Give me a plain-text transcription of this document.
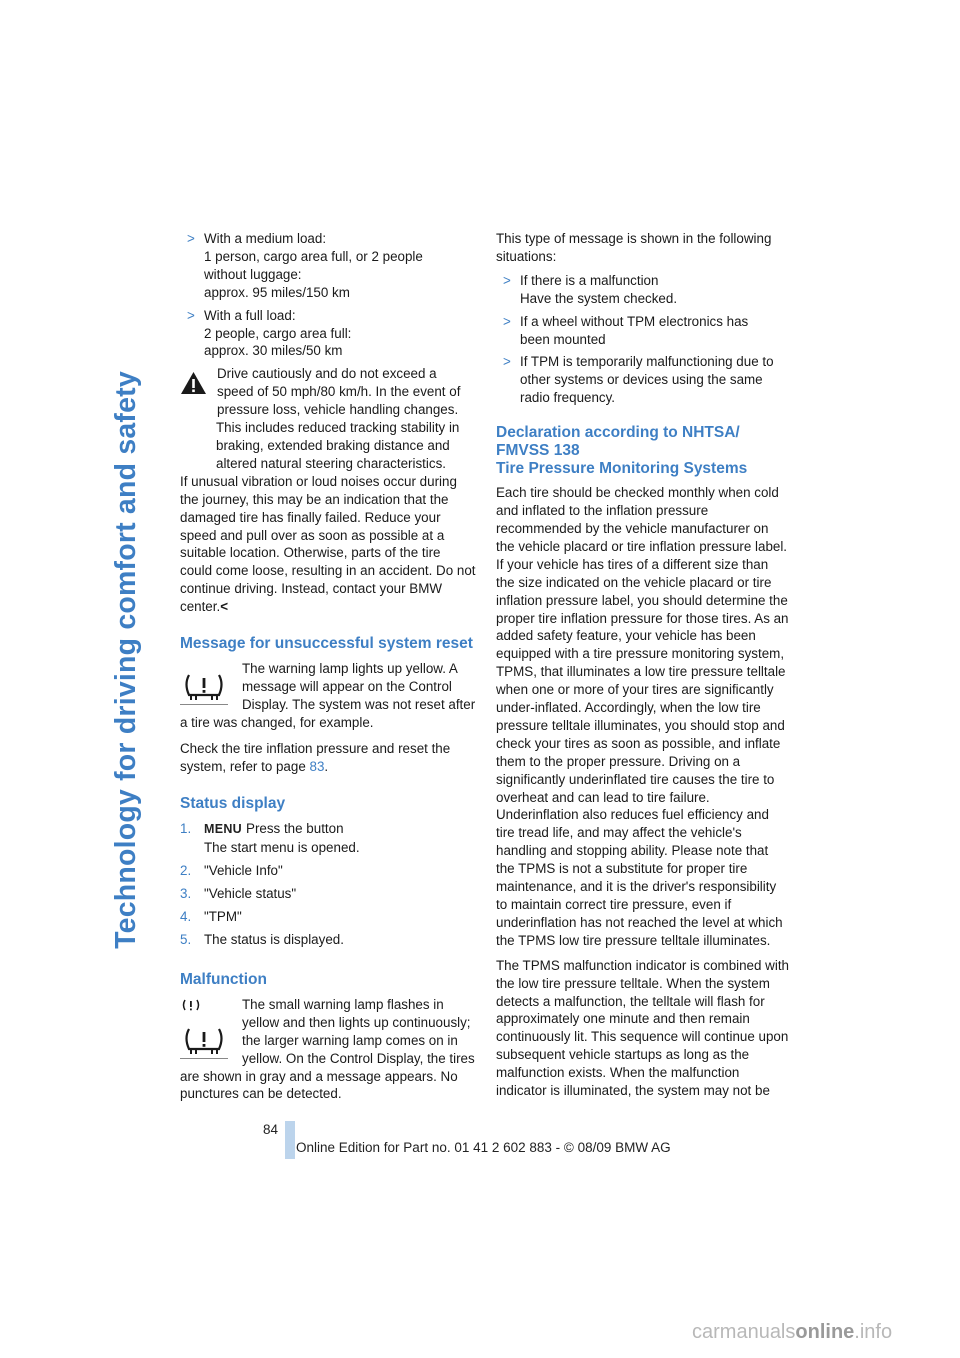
Technology for driving comfort and safety
> With a medium load:
1 person, cargo area full, or 2 people
without luggage:
approx. 95 miles/150 km
> With a full load:
2 people, cargo area full:
approx. 30 miles/50 km
Drive cautiously and do not exceed a speed of 50 mph/80 km/h. In the event of pressure loss, vehicle handling changes. This includes reduced tracking stability in braking, extended braking distance and altered natural steering characteristics.
If unusual vibration or loud noises occur during the journey, this may be an indication that the damaged tire has finally failed. Reduce your speed and pull over as soon as possible at a suitable location. Otherwise, parts of the tire could come loose, resulting in an accident. Do not continue driving. Instead, contact your BMW center.<
Message for unsuccessful system reset

The warning lamp lights up yellow. A message will appear on the Control Display. The system was not reset after a tire was changed, for example.

Check the tire inflation pressure and reset the system, refer to page 83.

Status display
1. MENU Press the button
The start menu is opened.
2. "Vehicle Info"
3. "Vehicle status"
4. "TPM"
5. The status is displayed.
Malfunction

The small warning lamp flashes in yellow and then lights up continuously; the larger warning lamp comes on in yellow. On the Control Display, the tires are shown in gray and a message appears. No punctures can be detected.

This type of message is shown in the following situations:

> If there is a malfunction
Have the system checked.
> If a wheel without TPM electronics has
been mounted
> If TPM is temporarily malfunctioning due to
other systems or devices using the same
radio frequency.
Declaration according to NHTSA/
FMVSS 138
Tire Pressure Monitoring Systems

Each tire should be checked monthly when cold and inflated to the inflation pressure recommended by the vehicle manufacturer on the vehicle placard or tire inflation pressure label. If your vehicle has tires of a different size than the size indicated on the vehicle placard or tire inflation pressure label, you should determine the proper tire inflation pressure for those tires. As an added safety feature, your vehicle has been equipped with a tire pressure monitoring system, TPMS, that illuminates a low tire pressure telltale when one or more of your tires are significantly under-inflated. Accordingly, when the low tire pressure telltale illuminates, you should stop and check your tires as soon as possible, and inflate them to the proper pressure. Driving on a significantly underinflated tire causes the tire to overheat and can lead to tire failure. Underinflation also reduces fuel efficiency and tire tread life, and may affect the vehicle's handling and stopping ability. Please note that the TPMS is not a substitute for proper tire maintenance, and it is the driver's responsibility to maintain correct tire pressure, even if underinflation has not reached the level at which the TPMS low tire pressure telltale illuminates.

The TPMS malfunction indicator is combined with the low tire pressure telltale. When the system detects a malfunction, the telltale will flash for approximately one minute and then remain continuously lit. This sequence will continue upon subsequent vehicle startups as long as the malfunction exists. When the malfunction indicator is illuminated, the system may not be

84
Online Edition for Part no. 01 41 2 602 883 - © 08/09 BMW AG
carmanualsonline.info
